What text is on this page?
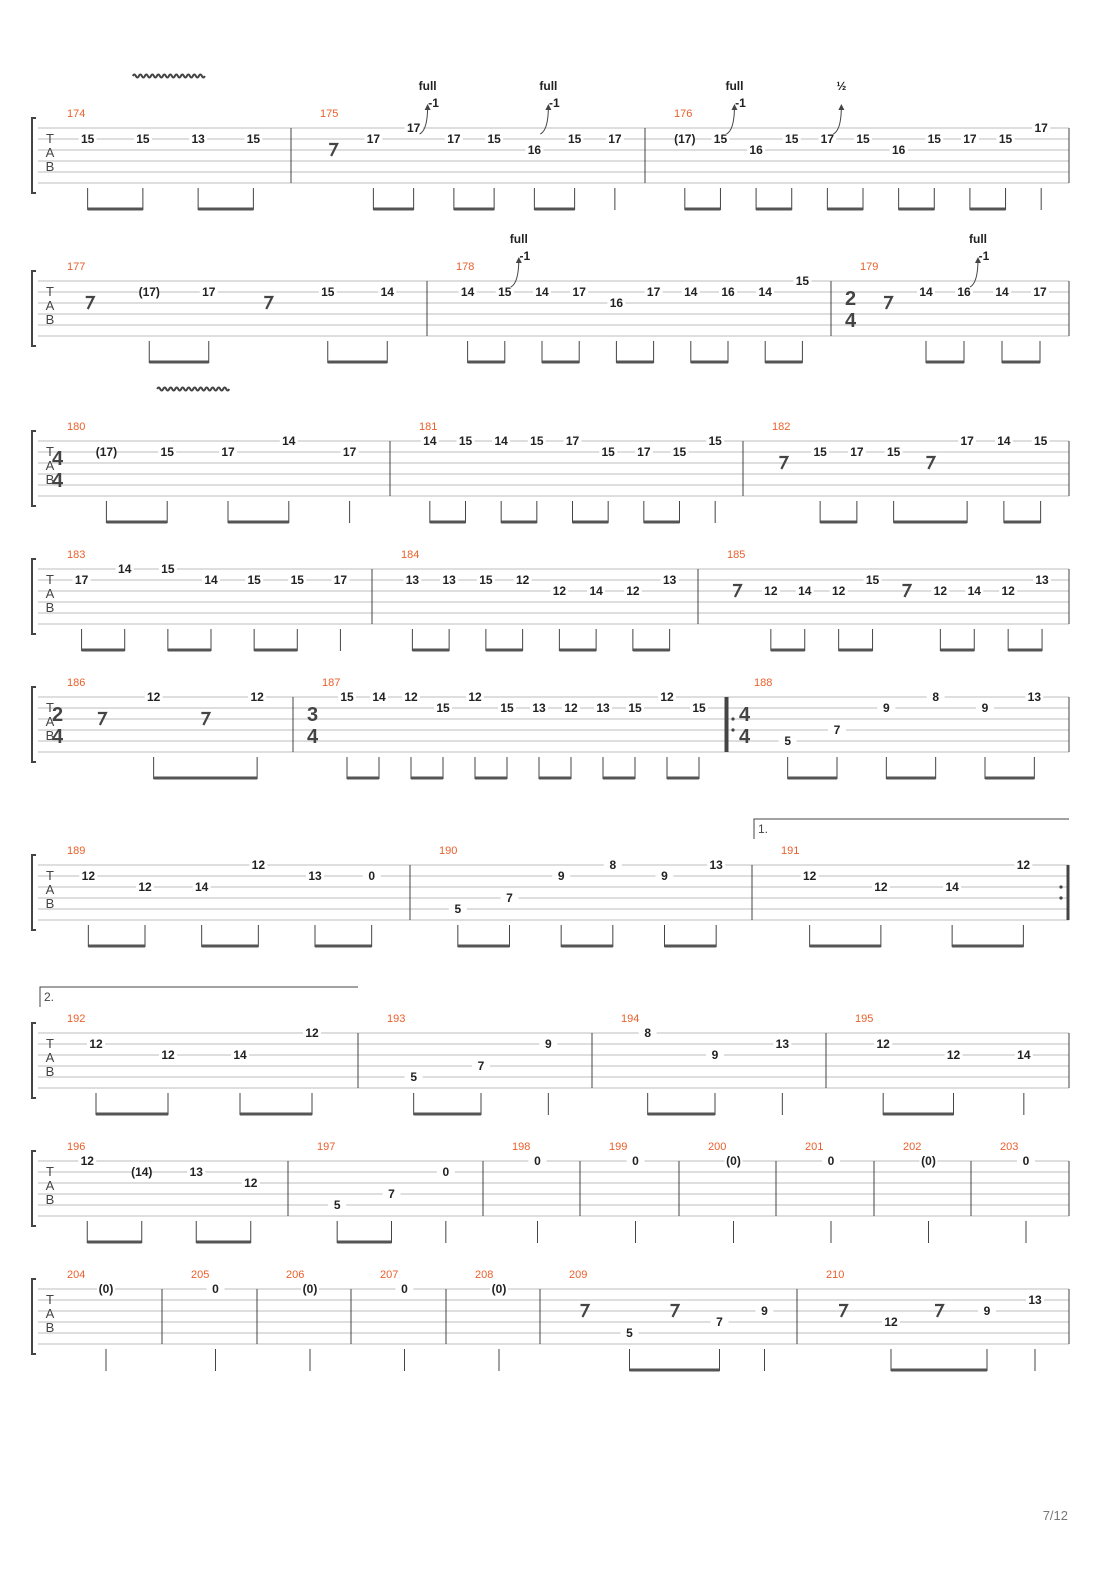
T
A
B
174
15	15	13	15
175
17
17
17 15
16
15 17
full
-1
full
-1
176
(17) 15
16
15 17 15
16
15 17 15
17
full
-1
½
T
A
B
177
(17)	17	15	14
178
14 15 14 17
16
17 14 16 14
15
full
-1
179
2
4
14 16 14 17
full
-1
T
A
B
180
4
4
(17)	15	17
14
17
181
14 15 14 15 17
15 17 15
15
182
15 17 15
17 14 15
T
A
B
183
17
14 15
14 15 15 17
184
13 13 15 12
12 14 12
13
185
12 14 12
15
12 14 12
13
T
A
B
186
2
4
12	12
187
3
4
15 14 12
15
12
15 13 12 13 15
12
15
188
4
4	5
7
9
8
9
13
T
A
B
189
12
12	14
12
13	0
190
5
7
9
8
9
13
191
1.
12
12	14
12
T
A
B
192
2.
12
12	14
12
193
5
7
9
194
8
9
13
195
12
12	14
T
A
B
196
12
(14)	13
12
197
5
7
0
198
0
199
0
200
(0)
201
0
202
(0)
203
0
T
A
B
204
(0)
205
0
206
(0)
207
0
208
(0)
209
5
7
9
210
12
9
13
7/12
